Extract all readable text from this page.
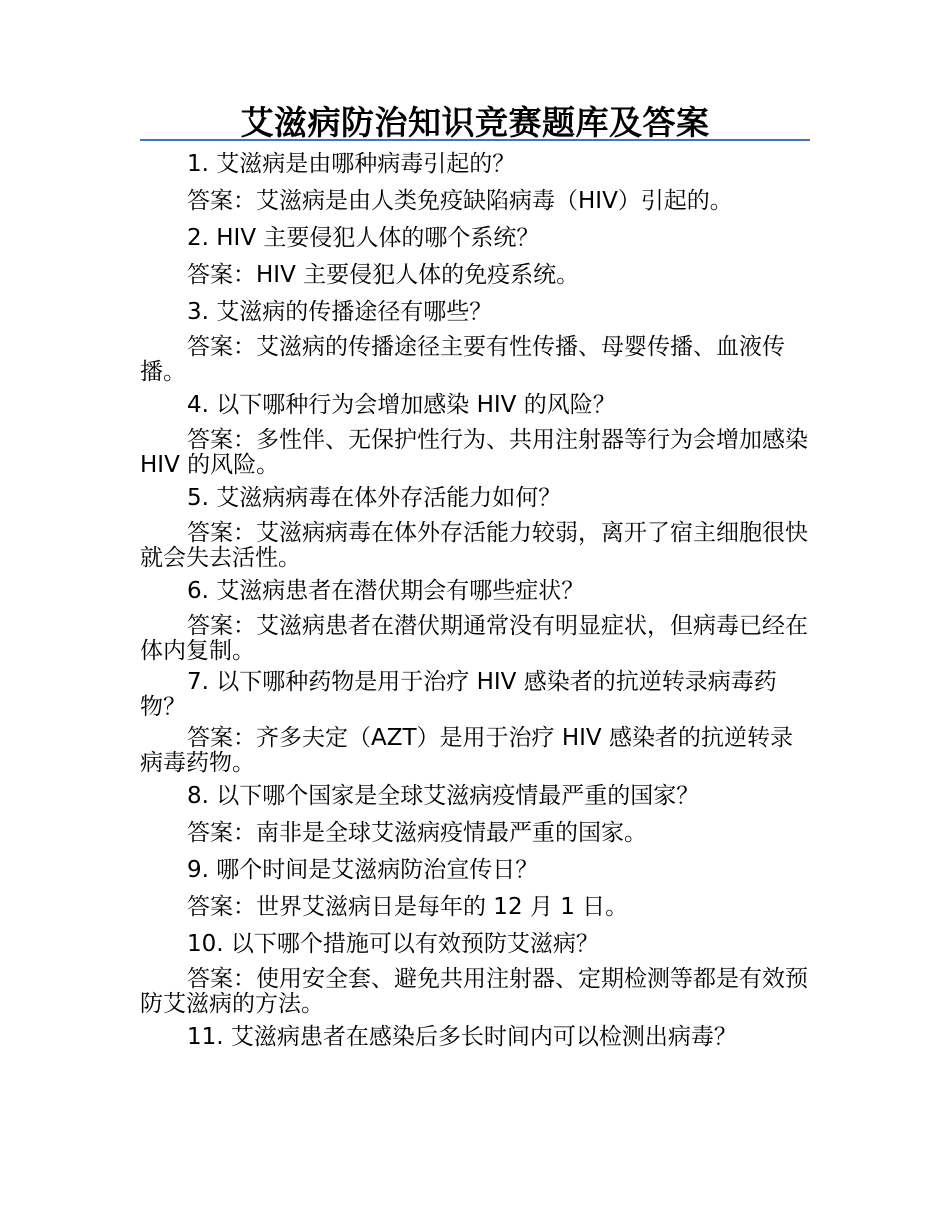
艾滋病防治知识竞赛题库及答案

1. 艾滋病是由哪种病毒引起的？

答案：艾滋病是由人类免疫缺陷病毒（HIV）引起的。

2. HIV 主要侵犯人体的哪个系统？

答案：HIV 主要侵犯人体的免疫系统。

3. 艾滋病的传播途径有哪些？

答案：艾滋病的传播途径主要有性传播、母婴传播、血液传播。

4. 以下哪种行为会增加感染 HIV 的风险？

答案：多性伴、无保护性行为、共用注射器等行为会增加感染 HIV 的风险。

5. 艾滋病病毒在体外存活能力如何？

答案：艾滋病病毒在体外存活能力较弱，离开了宿主细胞很快就会失去活性。

6. 艾滋病患者在潜伏期会有哪些症状？

答案：艾滋病患者在潜伏期通常没有明显症状，但病毒已经在体内复制。

7. 以下哪种药物是用于治疗 HIV 感染者的抗逆转录病毒药物？

答案：齐多夫定（AZT）是用于治疗 HIV 感染者的抗逆转录病毒药物。

8. 以下哪个国家是全球艾滋病疫情最严重的国家？

答案：南非是全球艾滋病疫情最严重的国家。

9. 哪个时间是艾滋病防治宣传日？

答案：世界艾滋病日是每年的 12 月 1 日。

10. 以下哪个措施可以有效预防艾滋病？

答案：使用安全套、避免共用注射器、定期检测等都是有效预防艾滋病的方法。

11. 艾滋病患者在感染后多长时间内可以检测出病毒？
